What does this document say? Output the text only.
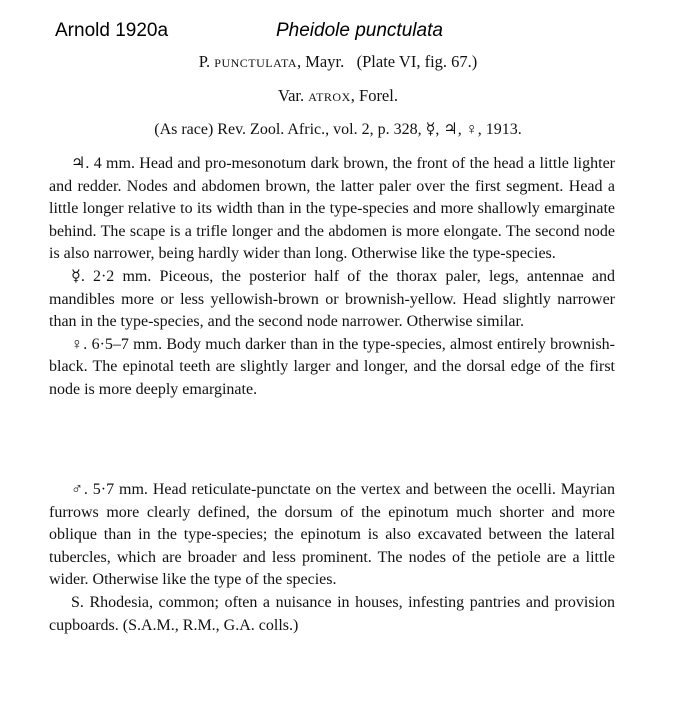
Arnold 1920a	Pheidole punctulata
P. punctulata, Mayr. (Plate VI, fig. 67.)
Var. atrox, Forel.
(As race) Rev. Zool. Afric., vol. 2, p. 328, ☿, ♃, ♀, 1913.

♃. 4 mm. Head and pro-mesonotum dark brown, the front of the head a little lighter and redder. Nodes and abdomen brown, the latter paler over the first segment. Head a little longer relative to its width than in the type-species and more shallowly emarginate behind. The scape is a trifle longer and the abdomen is more elongate. The second node is also narrower, being hardly wider than long. Otherwise like the type-species.

☿. 2·2 mm. Piceous, the posterior half of the thorax paler, legs, antennae and mandibles more or less yellowish-brown or brownish-yellow. Head slightly narrower than in the type-species, and the second node narrower. Otherwise similar.

♀. 6·5–7 mm. Body much darker than in the type-species, almost entirely brownish-black. The epinotal teeth are slightly larger and longer, and the dorsal edge of the first node is more deeply emarginate.

♂. 5·7 mm. Head reticulate-punctate on the vertex and between the ocelli. Mayrian furrows more clearly defined, the dorsum of the epinotum much shorter and more oblique than in the type-species; the epinotum is also excavated between the lateral tubercles, which are broader and less prominent. The nodes of the petiole are a little wider. Otherwise like the type of the species.

S. Rhodesia, common; often a nuisance in houses, infesting pantries and provision cupboards. (S.A.M., R.M., G.A. colls.)
